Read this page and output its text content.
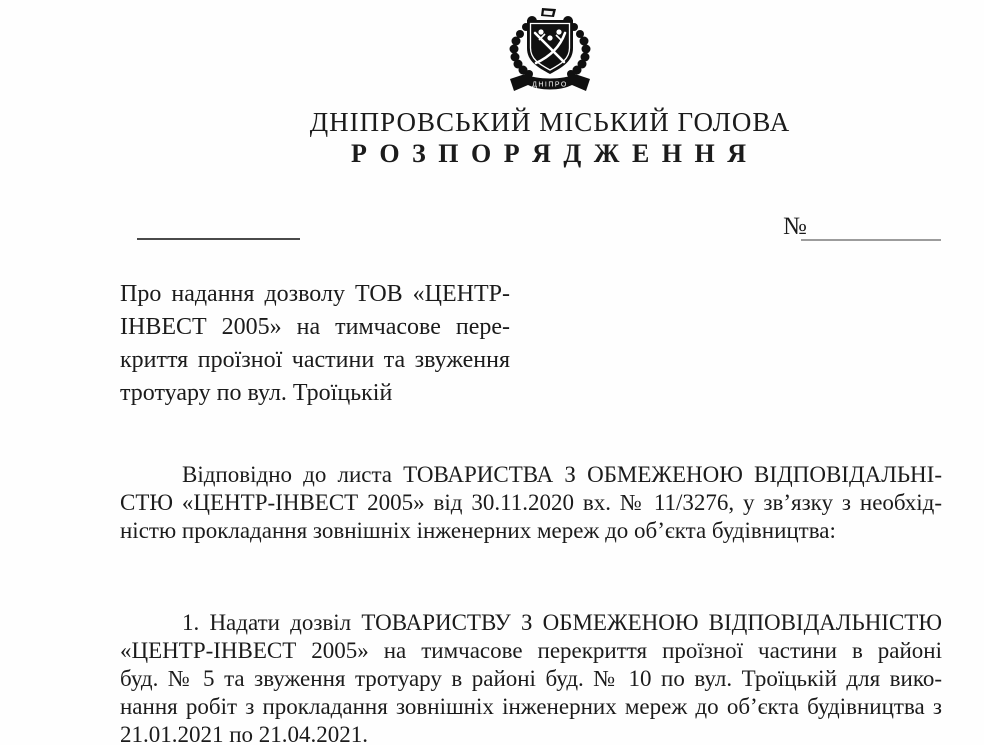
ДНІПРО
ДНІПРОВСЬКИЙ МІСЬКИЙ ГОЛОВА
Р О З П О Р Я Д Ж Е Н Н Я
№
Про надання дозволу ТОВ «ЦЕНТР-
ІНВЕСТ 2005» на тимчасове пере-
криття проїзної частини та звуження
тротуару по вул. Троїцькій
Відповідно до листа ТОВАРИСТВА З ОБМЕЖЕНОЮ ВІДПОВІДАЛЬНІ-
СТЮ «ЦЕНТР-ІНВЕСТ 2005» від 30.11.2020 вх. № 11/3276, у зв’язку з необхід-
ністю прокладання зовнішніх інженерних мереж до об’єкта будівництва:
1. Надати дозвіл ТОВАРИСТВУ З ОБМЕЖЕНОЮ ВІДПОВІДАЛЬНІСТЮ
«ЦЕНТР-ІНВЕСТ 2005» на тимчасове перекриття проїзної частини в районі
буд. № 5 та звуження тротуару в районі буд. № 10 по вул. Троїцькій для вико-
нання робіт з прокладання зовнішніх інженерних мереж до об’єкта будівництва з
21.01.2021 по 21.04.2021.
